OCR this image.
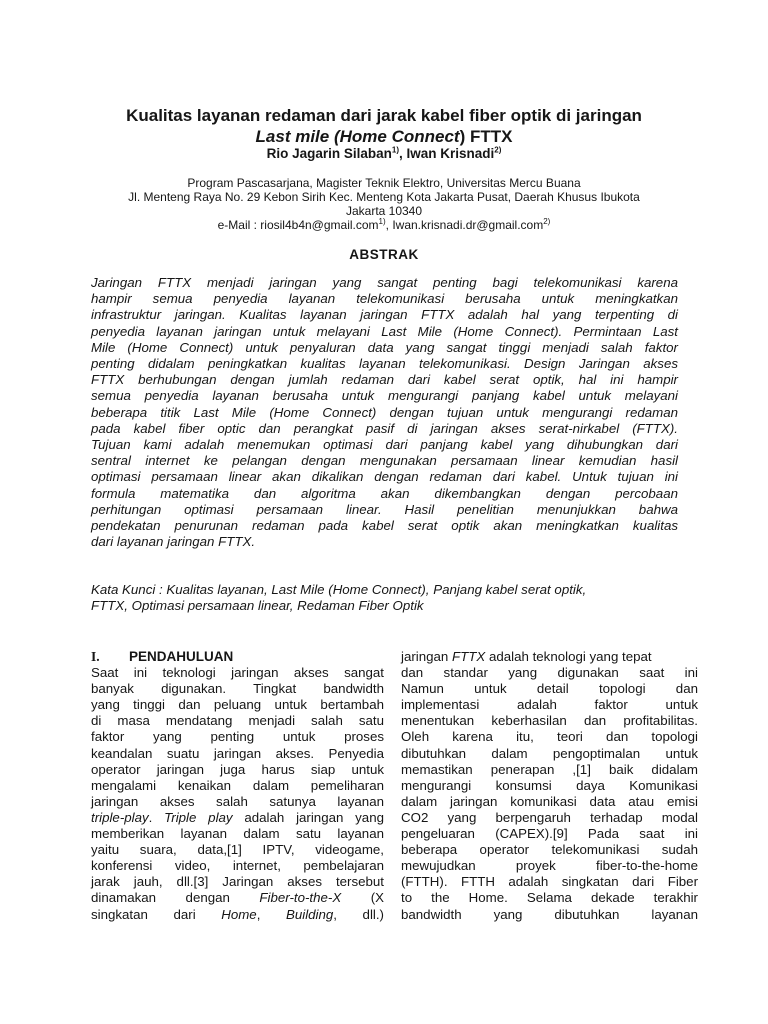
Kualitas layanan redaman dari jarak kabel fiber optik di jaringan
Last mile (Home Connect) FTTX
Rio Jagarin Silaban$^{1)}$, Iwan Krisnadi$^{2)}$
Program Pascasarjana, Magister Teknik Elektro, Universitas Mercu Buana
Jl. Menteng Raya No. 29 Kebon Sirih Kec. Menteng Kota Jakarta Pusat, Daerah Khusus Ibukota
Jakarta 10340
e-Mail : riosil4b4n@gmail.com$^{1)}$, Iwan.krisnadi.dr@gmail.com$^{2)}$
ABSTRAK
Jaringan FTTX menjadi jaringan yang sangat penting bagi telekomunikasi karena
hampir semua penyedia layanan telekomunikasi berusaha untuk meningkatkan
infrastruktur jaringan. Kualitas layanan jaringan FTTX adalah hal yang terpenting di
penyedia layanan jaringan untuk melayani Last Mile (Home Connect). Permintaan Last
Mile (Home Connect) untuk penyaluran data yang sangat tinggi menjadi salah faktor
penting didalam peningkatkan kualitas layanan telekomunikasi. Design Jaringan akses
FTTX berhubungan dengan jumlah redaman dari kabel serat optik, hal ini hampir
semua penyedia layanan berusaha untuk mengurangi panjang kabel untuk melayani
beberapa titik Last Mile (Home Connect) dengan tujuan untuk mengurangi redaman
pada kabel fiber optic dan perangkat pasif di jaringan akses serat-nirkabel (FTTX).
Tujuan kami adalah menemukan optimasi dari panjang kabel yang dihubungkan dari
sentral internet ke pelangan dengan mengunakan persamaan linear kemudian hasil
optimasi persamaan linear akan dikalikan dengan redaman dari kabel. Untuk tujuan ini
formula matematika dan algoritma akan dikembangkan dengan percobaan
perhitungan optimasi persamaan linear. Hasil penelitian menunjukkan bahwa
pendekatan penurunan redaman pada kabel serat optik akan meningkatkan kualitas
dari layanan jaringan FTTX.
Kata Kunci : Kualitas layanan, Last Mile (Home Connect), Panjang kabel serat optik,
FTTX, Optimasi persamaan linear, Redaman Fiber Optik
I. PENDAHULUAN
Saat ini teknologi jaringan akses sangat
banyak digunakan. Tingkat bandwidth
yang tinggi dan peluang untuk bertambah
di masa mendatang menjadi salah satu
faktor yang penting untuk proses
keandalan suatu jaringan akses. Penyedia
operator jaringan juga harus siap untuk
mengalami kenaikan dalam pemeliharan
jaringan akses salah satunya layanan
triple-play. Triple play adalah jaringan yang
memberikan layanan dalam satu layanan
yaitu suara, data,[1] IPTV, videogame,
konferensi video, internet, pembelajaran
jarak jauh, dll.[3] Jaringan akses tersebut
dinamakan dengan Fiber-to-the-X (X
singkatan dari Home, Building, dll.)
jaringan FTTX adalah teknologi yang tepat
dan standar yang digunakan saat ini
Namun untuk detail topologi dan
implementasi adalah faktor untuk
menentukan keberhasilan dan profitabilitas.
Oleh karena itu, teori dan topologi
dibutuhkan dalam pengoptimalan untuk
memastikan penerapan ,[1] baik didalam
mengurangi konsumsi daya Komunikasi
dalam jaringan komunikasi data atau emisi
CO2 yang berpengaruh terhadap modal
pengeluaran (CAPEX).[9] Pada saat ini
beberapa operator telekomunikasi sudah
mewujudkan proyek fiber-to-the-home
(FTTH). FTTH adalah singkatan dari Fiber
to the Home. Selama dekade terakhir
bandwidth yang dibutuhkan layanan
